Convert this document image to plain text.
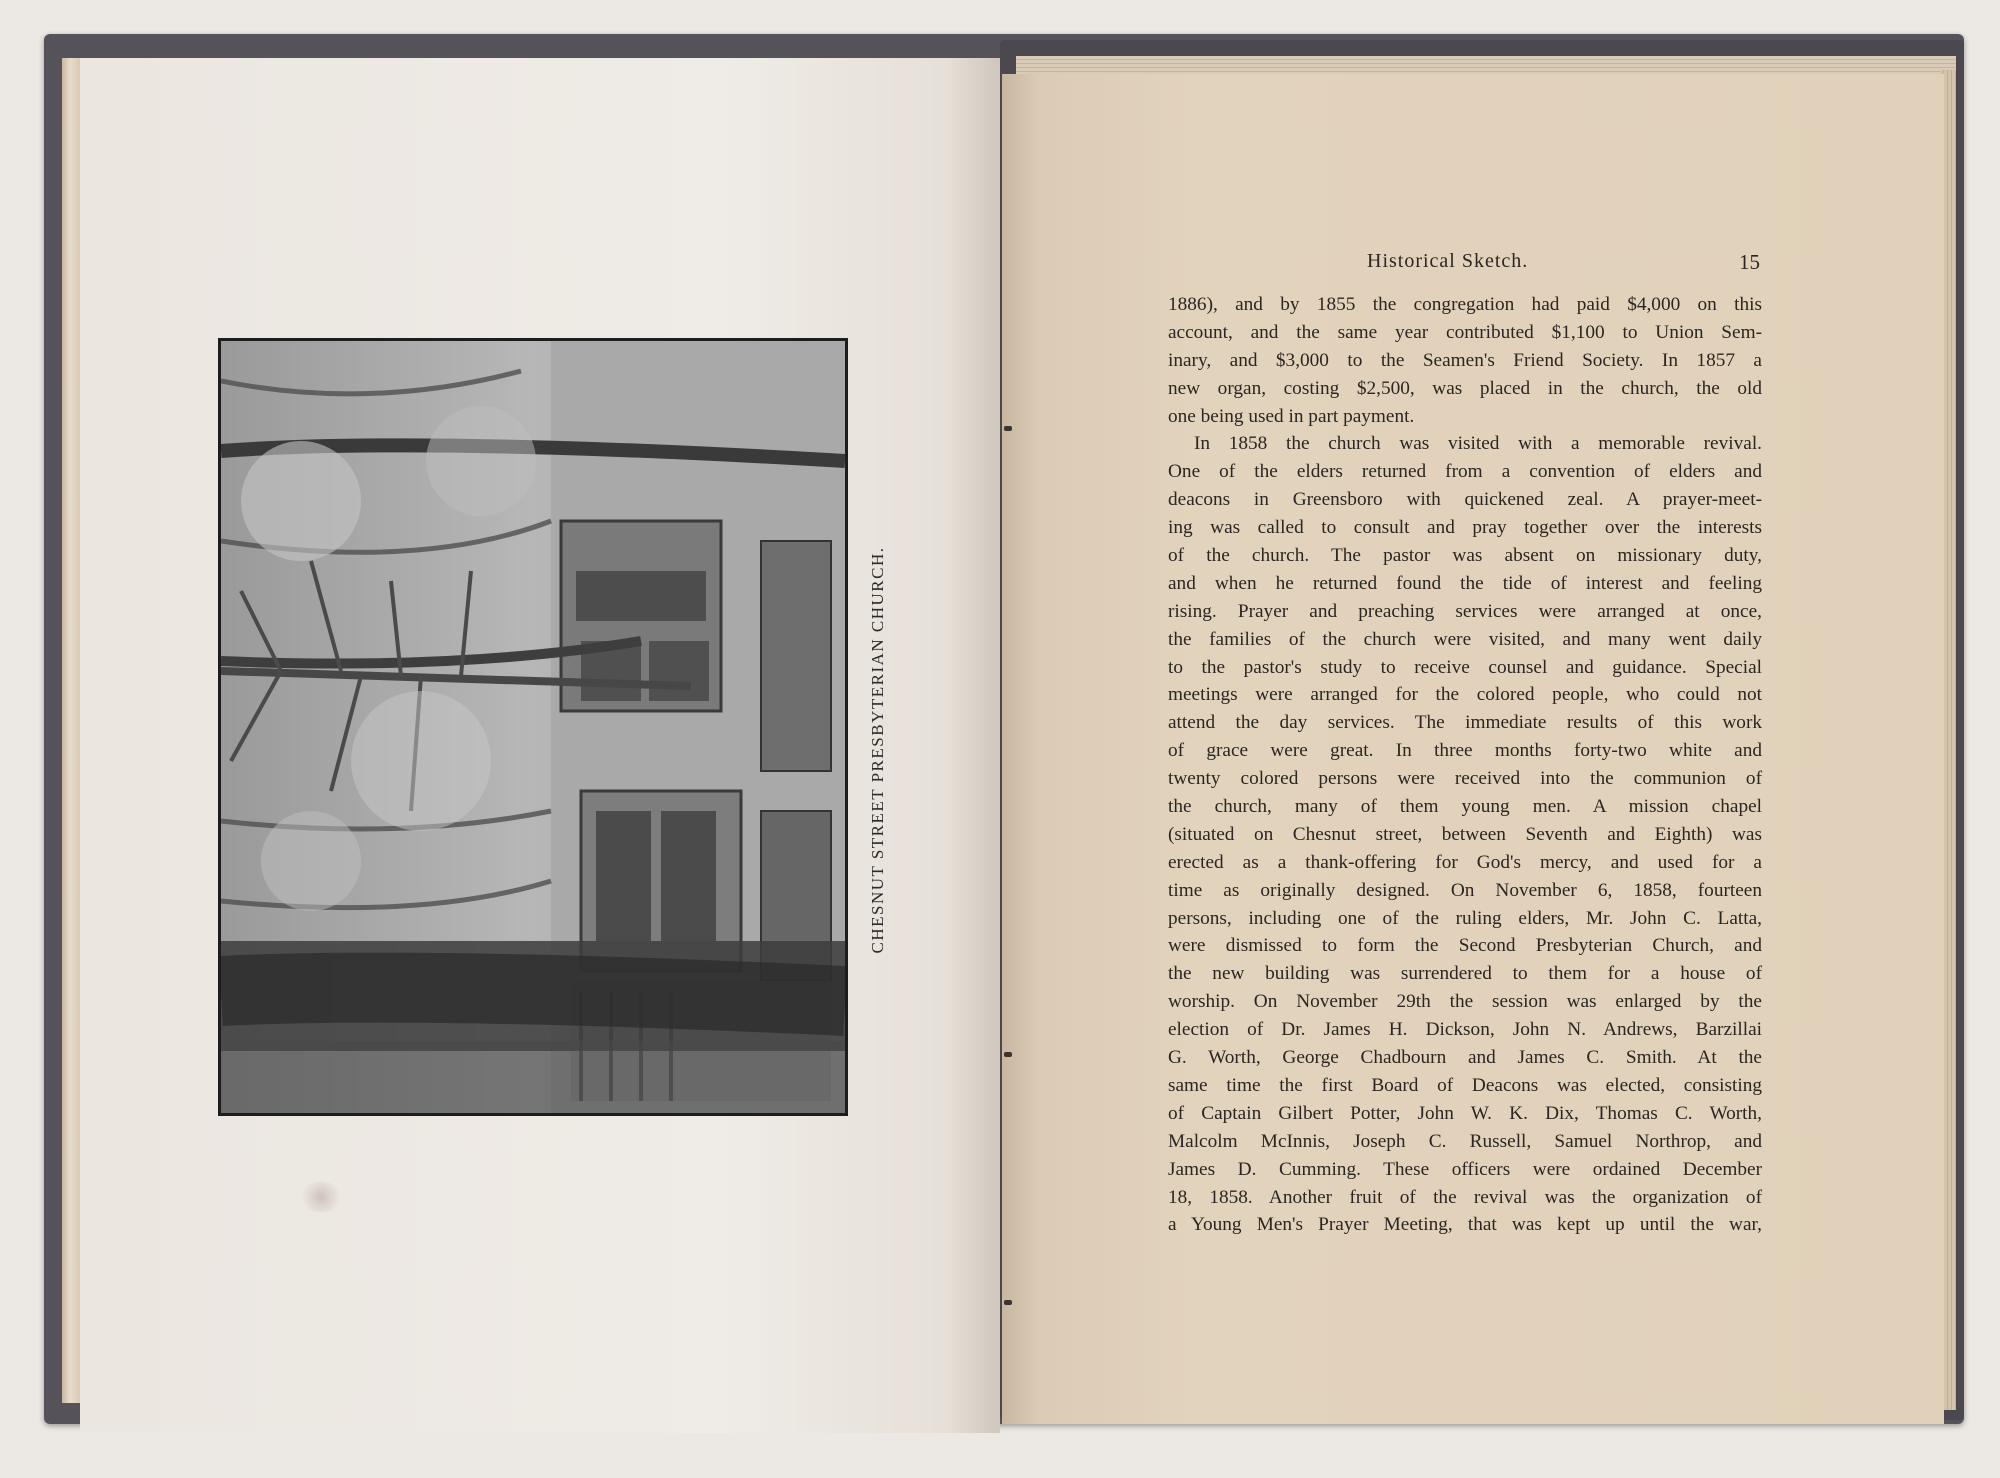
CHESNUT STREET PRESBYTERIAN CHURCH.
Historical Sketch.	15
1886), and by 1855 the congregation had paid $4,000 on this
account, and the same year contributed $1,100 to Union Sem-
inary, and $3,000 to the Seamen's Friend Society. In 1857 a
new organ, costing $2,500, was placed in the church, the old
one being used in part payment.
In 1858 the church was visited with a memorable revival.
One of the elders returned from a convention of elders and
deacons in Greensboro with quickened zeal. A prayer-meet-
ing was called to consult and pray together over the interests
of the church. The pastor was absent on missionary duty,
and when he returned found the tide of interest and feeling
rising. Prayer and preaching services were arranged at once,
the families of the church were visited, and many went daily
to the pastor's study to receive counsel and guidance. Special
meetings were arranged for the colored people, who could not
attend the day services. The immediate results of this work
of grace were great. In three months forty-two white and
twenty colored persons were received into the communion of
the church, many of them young men. A mission chapel
(situated on Chesnut street, between Seventh and Eighth) was
erected as a thank-offering for God's mercy, and used for a
time as originally designed. On November 6, 1858, fourteen
persons, including one of the ruling elders, Mr. John C. Latta,
were dismissed to form the Second Presbyterian Church, and
the new building was surrendered to them for a house of
worship. On November 29th the session was enlarged by the
election of Dr. James H. Dickson, John N. Andrews, Barzillai
G. Worth, George Chadbourn and James C. Smith. At the
same time the first Board of Deacons was elected, consisting
of Captain Gilbert Potter, John W. K. Dix, Thomas C. Worth,
Malcolm McInnis, Joseph C. Russell, Samuel Northrop, and
James D. Cumming. These officers were ordained December
18, 1858. Another fruit of the revival was the organization of
a Young Men's Prayer Meeting, that was kept up until the war,
